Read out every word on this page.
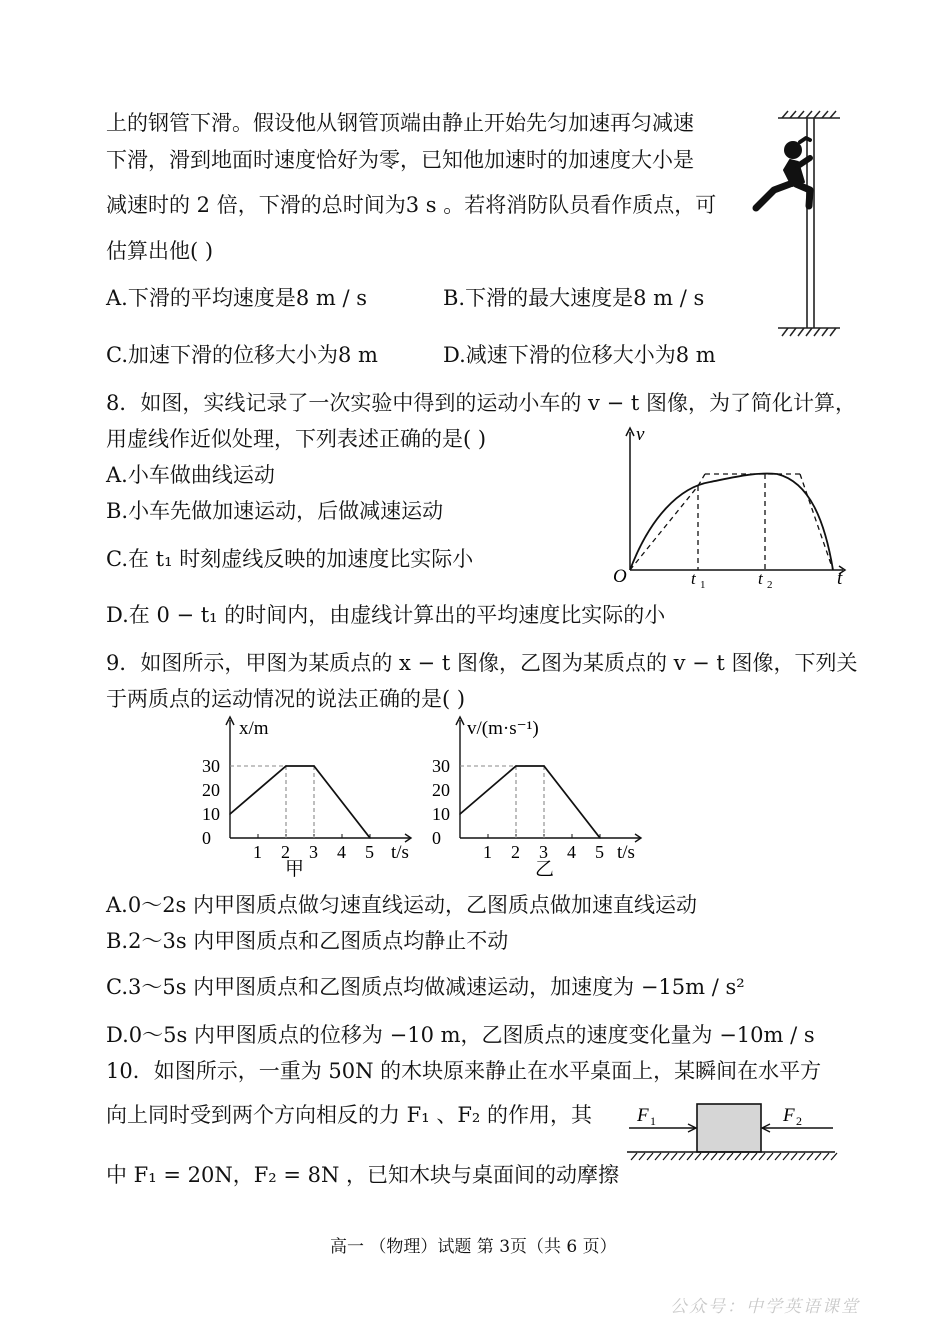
上的钢管下滑。假设他从钢管顶端由静止开始先匀加速再匀减速
下滑，滑到地面时速度恰好为零，已知他加速时的加速度大小是
减速时的 2 倍，下滑的总时间为3 s 。若将消防队员看作质点，可
估算出他( )
A.下滑的平均速度是8 m / s	B.下滑的最大速度是8 m / s
C.加速下滑的位移大小为8 m	D.减速下滑的位移大小为8 m
8．如图，实线记录了一次实验中得到的运动小车的 v − t 图像，为了简化计算，
用虚线作近似处理，下列表述正确的是( )
A.小车做曲线运动
B.小车先做加速运动，后做减速运动
C.在 t₁ 时刻虚线反映的加速度比实际小
D.在 0 − t₁ 的时间内，由虚线计算出的平均速度比实际的小
v
t
O	t 1	t 2
9．如图所示，甲图为某质点的 x − t 图像，乙图为某质点的 v − t 图像，下列关
于两质点的运动情况的说法正确的是( )
1 2 3 4 5
0
10
20
30
x/m
t/s
甲
1 2 3 4 5
0
10
20
30
v/(m·s⁻¹)
t/s
乙
A.0～2s 内甲图质点做匀速直线运动，乙图质点做加速直线运动
B.2～3s 内甲图质点和乙图质点均静止不动
C.3～5s 内甲图质点和乙图质点均做减速运动，加速度为 −15m / s²
D.0～5s 内甲图质点的位移为 −10 m，乙图质点的速度变化量为 −10m / s
10．如图所示，一重为 50N 的木块原来静止在水平桌面上，某瞬间在水平方
向上同时受到两个方向相反的力 F₁ 、F₂ 的作用，其
中 F₁ = 20N，F₂ = 8N ，已知木块与桌面间的动摩擦
F 1	F 2
高一 （物理）试题 第 3页（共 6 页）
公众号：中学英语课堂
